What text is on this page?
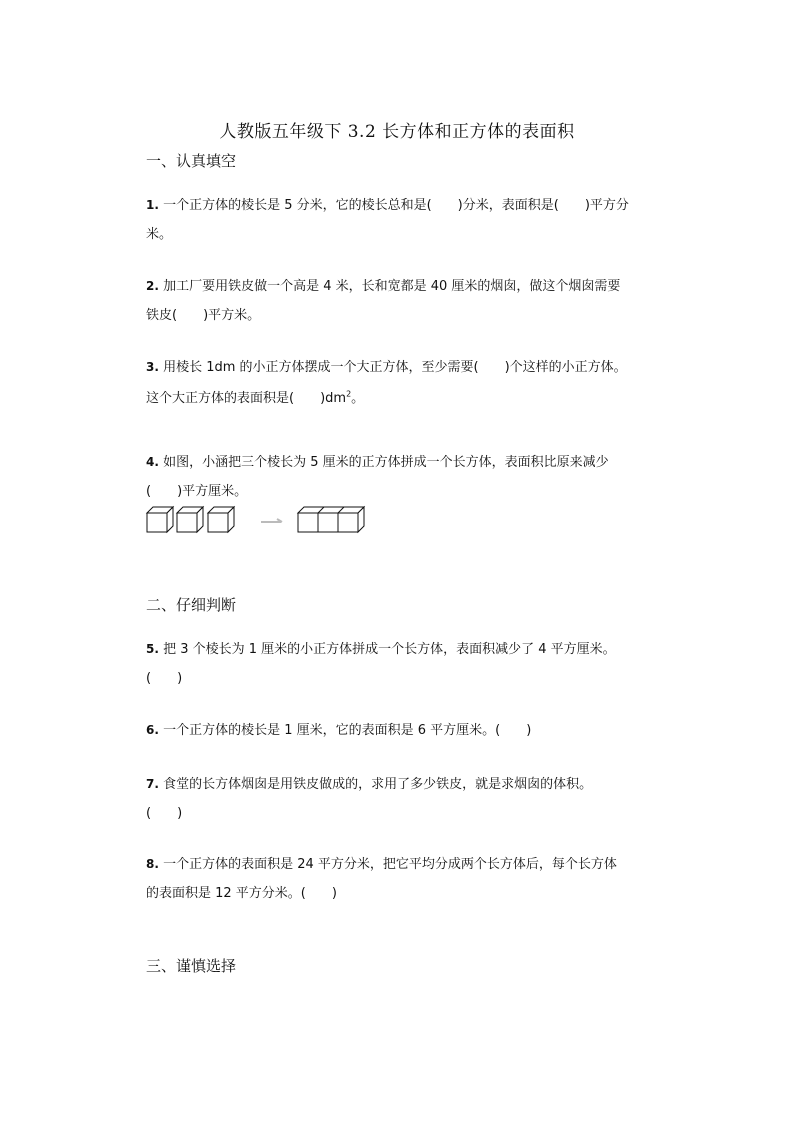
人教版五年级下 3.2 长方体和正方体的表面积
一、认真填空
1. 一个正方体的棱长是 5 分米，它的棱长总和是(　　)分米，表面积是(　　)平方分
米。
2. 加工厂要用铁皮做一个高是 4 米，长和宽都是 40 厘米的烟囱，做这个烟囱需要
铁皮(　　)平方米。
3. 用棱长 1dm 的小正方体摆成一个大正方体，至少需要(　　)个这样的小正方体。
这个大正方体的表面积是(　　)$dm^2$。
4. 如图，小涵把三个棱长为 5 厘米的正方体拼成一个长方体，表面积比原来减少
(　　)平方厘米。
二、仔细判断
5. 把 3 个棱长为 1 厘米的小正方体拼成一个长方体，表面积减少了 4 平方厘米。
(　　)
6. 一个正方体的棱长是 1 厘米，它的表面积是 6 平方厘米。(　　)
7. 食堂的长方体烟囱是用铁皮做成的，求用了多少铁皮，就是求烟囱的体积。
(　　)
8. 一个正方体的表面积是 24 平方分米，把它平均分成两个长方体后，每个长方体
的表面积是 12 平方分米。(　　)
三、谨慎选择
